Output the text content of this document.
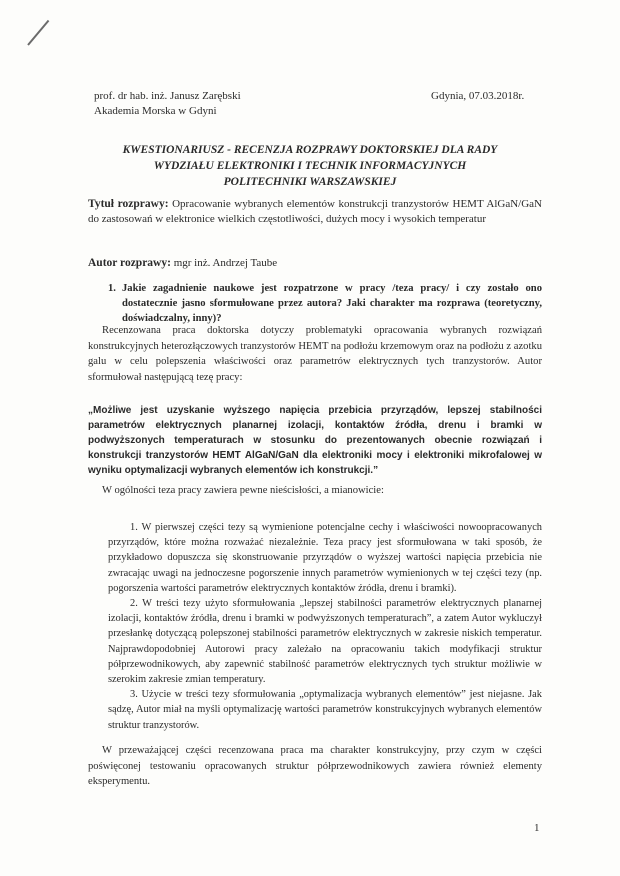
prof. dr hab. inż. Janusz Zarębski
Akademia Morska w Gdyni
Gdynia, 07.03.2018r.
KWESTIONARIUSZ - RECENZJA ROZPRAWY DOKTORSKIEJ DLA RADY
WYDZIAŁU ELEKTRONIKI I TECHNIK INFORMACYJNYCH
POLITECHNIKI WARSZAWSKIEJ
Tytuł rozprawy: Opracowanie wybranych elementów konstrukcji tranzystorów HEMT AlGaN/GaN do zastosowań w elektronice wielkich częstotliwości, dużych mocy i wysokich temperatur
Autor rozprawy: mgr inż. Andrzej Taube
1. Jakie zagadnienie naukowe jest rozpatrzone w pracy /teza pracy/ i czy zostało ono dostatecznie jasno sformułowane przez autora? Jaki charakter ma rozprawa (teoretyczny, doświadczalny, inny)?
Recenzowana praca doktorska dotyczy problematyki opracowania wybranych rozwiązań konstrukcyjnych heterozłączowych tranzystorów HEMT na podłożu krzemowym oraz na podłożu z azotku galu w celu polepszenia właściwości oraz parametrów elektrycznych tych tranzystorów. Autor sformułował następującą tezę pracy:
„Możliwe jest uzyskanie wyższego napięcia przebicia przyrządów, lepszej stabilności parametrów elektrycznych planarnej izolacji, kontaktów źródła, drenu i bramki w podwyższonych temperaturach w stosunku do prezentowanych obecnie rozwiązań i konstrukcji tranzystorów HEMT AlGaN/GaN dla elektroniki mocy i elektroniki mikrofalowej w wyniku optymalizacji wybranych elementów ich konstrukcji.”
W ogólności teza pracy zawiera pewne nieścisłości, a mianowicie:

1. W pierwszej części tezy są wymienione potencjalne cechy i właściwości nowoopracowanych przyrządów, które można rozważać niezależnie. Teza pracy jest sformułowana w taki sposób, że przykładowo dopuszcza się skonstruowanie przyrządów o wyższej wartości napięcia przebicia nie zwracając uwagi na jednoczesne pogorszenie innych parametrów wymienionych w tej części tezy (np. pogorszenia wartości parametrów elektrycznych kontaktów źródła, drenu i bramki).

2. W treści tezy użyto sformułowania „lepszej stabilności parametrów elektrycznych planarnej izolacji, kontaktów źródła, drenu i bramki w podwyższonych temperaturach”, a zatem Autor wykluczył przesłankę dotyczącą polepszonej stabilności parametrów elektrycznych w zakresie niskich temperatur. Najprawdopodobniej Autorowi pracy zależało na opracowaniu takich modyfikacji struktur półprzewodnikowych, aby zapewnić stabilność parametrów elektrycznych tych struktur możliwie w szerokim zakresie zmian temperatury.

3. Użycie w treści tezy sformułowania „optymalizacja wybranych elementów” jest niejasne. Jak sądzę, Autor miał na myśli optymalizację wartości parametrów konstrukcyjnych wybranych elementów struktur tranzystorów.

W przeważającej części recenzowana praca ma charakter konstrukcyjny, przy czym w części poświęconej testowaniu opracowanych struktur półprzewodnikowych zawiera również elementy eksperymentu.
1
